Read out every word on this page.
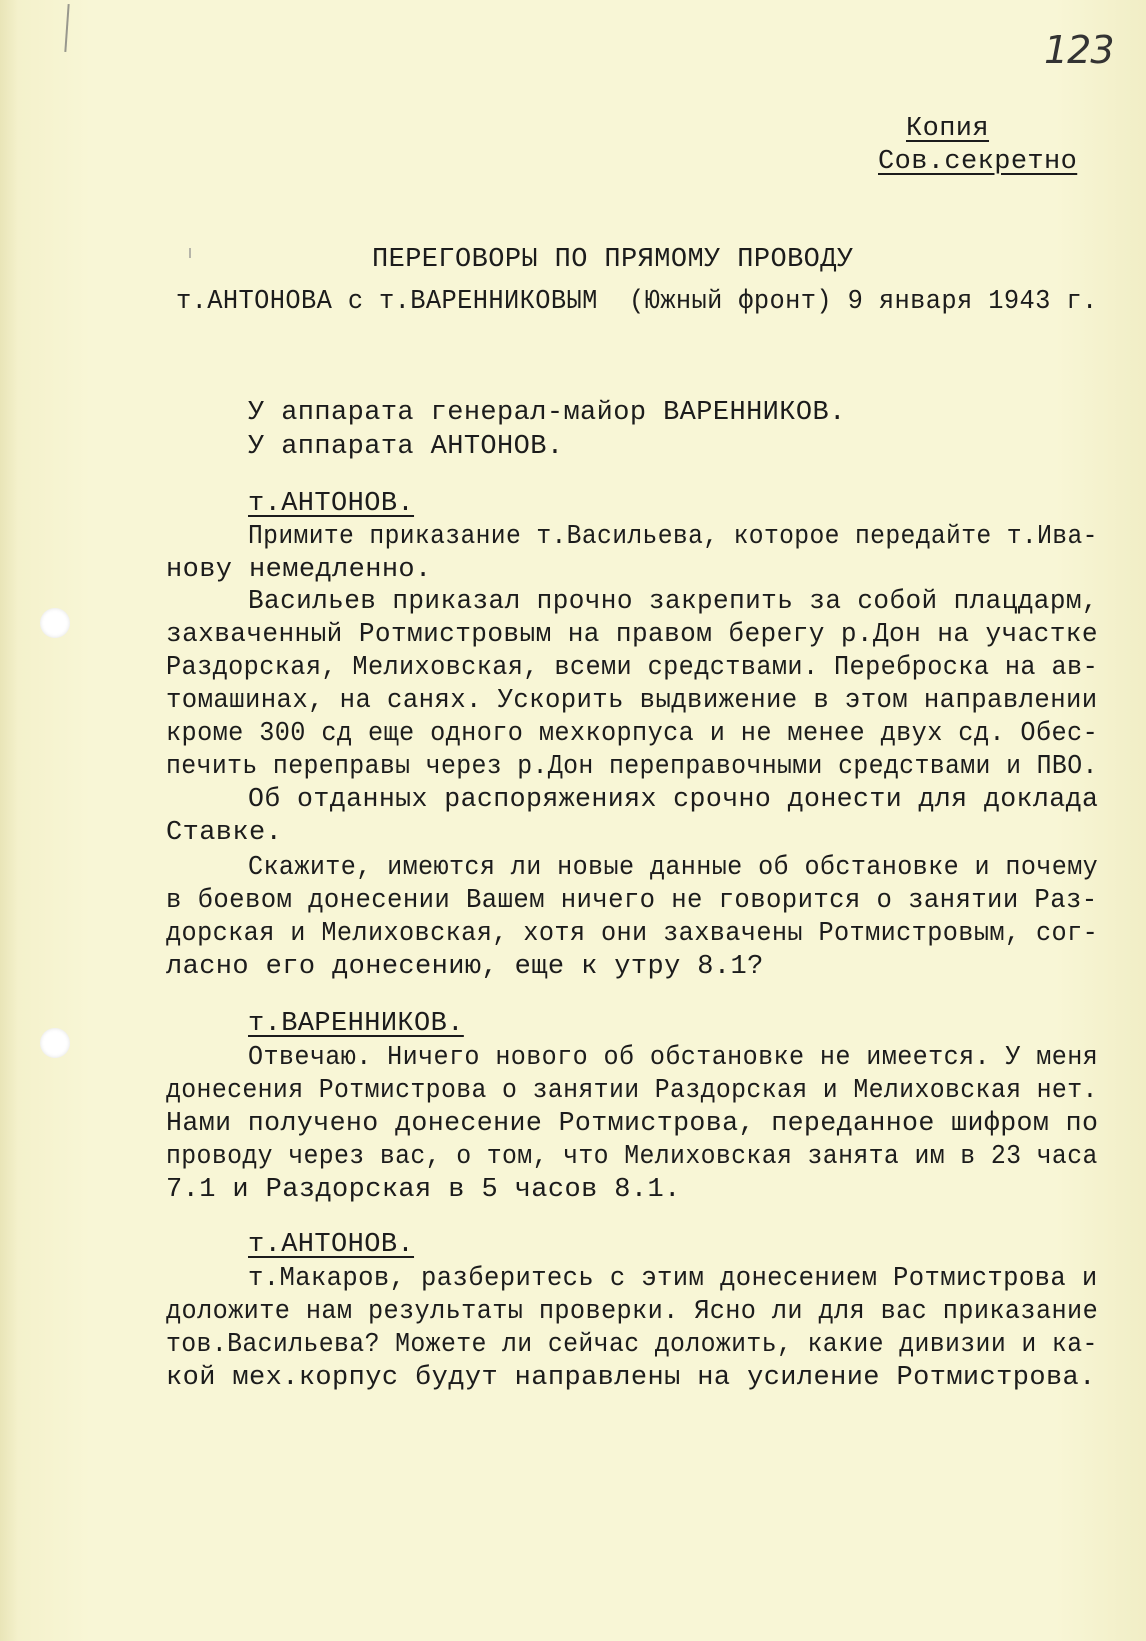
123
Копия
Сов.секретно
ПЕРЕГОВОРЫ ПО ПРЯМОМУ ПРОВОДУ
т.АНТОНОВА с т.ВАРЕННИКОВЫМ  (Южный фронт) 9 января 1943 г.
У аппарата генерал-майор ВАРЕННИКОВ.
У аппарата АНТОНОВ.
т.АНТОНОВ.
Примите приказание т.Васильева, которое передайте т.Ива-
нову немедленно.
Васильев приказал прочно закрепить за собой плацдарм,
захваченный Ротмистровым на правом берегу р.Дон на участке
Раздорская, Мелиховская, всеми средствами. Переброска на ав-
томашинах, на санях. Ускорить выдвижение в этом направлении
кроме 300 сд еще одного мехкорпуса и не менее двух сд. Обес-
печить переправы через р.Дон переправочными средствами и ПВО.
Об отданных распоряжениях срочно донести для доклада
Ставке.
Скажите, имеются ли новые данные об обстановке и почему
в боевом донесении Вашем ничего не говорится о занятии Раз-
дорская и Мелиховская, хотя они захвачены Ротмистровым, сог-
ласно его донесению, еще к утру 8.1?
т.ВАРЕННИКОВ.
Отвечаю. Ничего нового об обстановке не имеется. У меня
донесения Ротмистрова о занятии Раздорская и Мелиховская нет.
Нами получено донесение Ротмистрова, переданное шифром по
проводу через вас, о том, что Мелиховская занята им в 23 часа
7.1 и Раздорская в 5 часов 8.1.
т.АНТОНОВ.
т.Макаров, разберитесь с этим донесением Ротмистрова и
доложите нам результаты проверки. Ясно ли для вас приказание
тов.Васильева? Можете ли сейчас доложить, какие дивизии и ка-
кой мех.корпус будут направлены на усиление Ротмистрова.
